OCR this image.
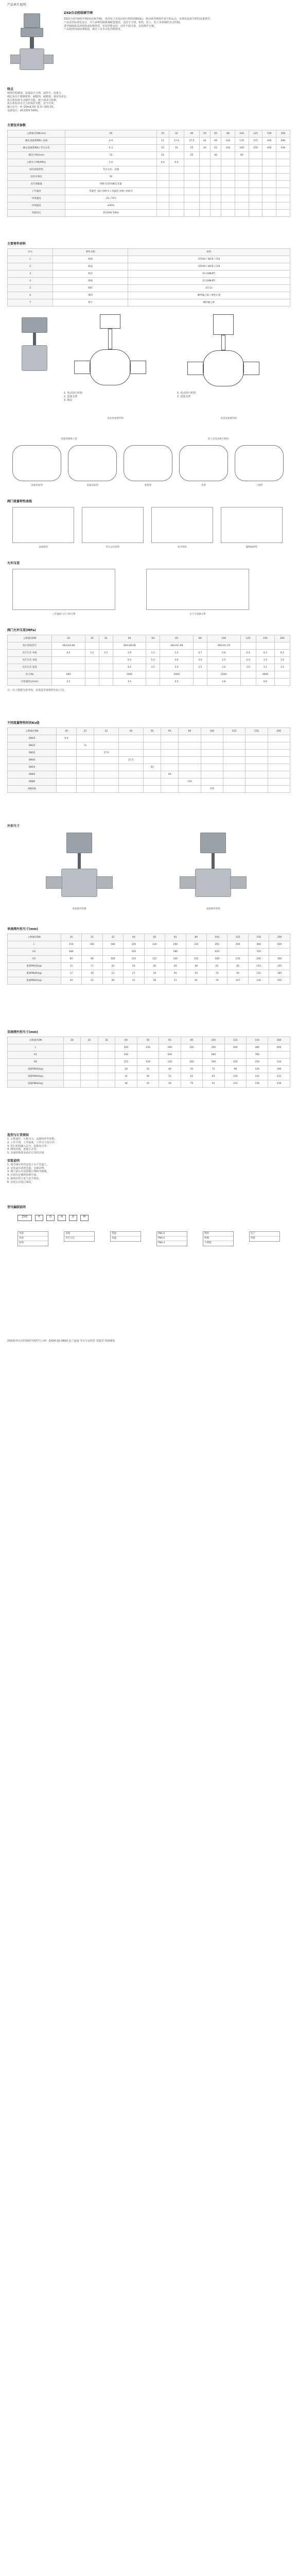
产品单片说明:
ZXD自动控制调节阀
ZXD自动控制调节阀(电动调节阀)，采用电子式电动执行机构(3810L)，驱动调节阀体作直行程运动，实现对流体介质的流量调节。
产品采用标准化设计，可与多种控制系统配套使用，适用于空调、供热、化工、轻工等领域的自动控制。
调节阀阀体采用铸铁或铸钢材质，密封性能良好，动作平稳可靠，安装维护方便。
产品按照国家标准制造，满足工业自动化控制要求。
特点
阀体结构紧凑、流道设计合理，流阻小，流量大。
阀芯采用不锈钢材料，耐腐蚀、耐磨损，使用寿命长。
执行机构带手动操作功能，便于调试与检修。
执行机构具有过力矩保护功能，安全可靠。
输入信号：4~20mA DC 或 0~10V DC。
电源电压：AC220V 50Hz。
主要技术参数
公称通径DN(mm)	20	25	32	40	50	65	80	100	125	150	200
额定流量系数Kv 直线	6.9	11	17.6	27.5	44	69	110	176	275	440	690
额定流量系数Kv 等百分比	6.3	10	16	25	40	63	100	160	250	400	630
额定行程(mm)	10	16		25		40		60			
公称压力PN(MPa)	1.6	4.0	6.4								
固有流量特性	等百分比、直线										
固有可调比	50										
允许泄漏量	Ⅳ级 0.01%额定容量										
工作温度	常温型 -20~200℃ / 高温型 200~450℃										
环境温度	-25~70℃										
环境湿度	≤95%										
电源电压	AC220V 50Hz										
主要零件材料
序号	零件名称	材料
1	阀体	HT200 / WCB / CF8
2	阀盖	HT200 / WCB / CF8
3	阀芯	1Cr18Ni9Ti
4	阀座	1Cr18Ni9Ti
5	阀杆	2Cr13
6	填料	聚四氟乙烯 / 柔性石墨
7	垫片	聚四氟乙烯
1. 电动执行机构
2. 连接支架
3. 阀盖
1. 电动执行机构
2. 连接支架
电动单座调节阀	电动双座调节阀
普通型阀体示意	电子式电动执行机构
直通单座型	直通双座型	套筒型	角型	三通型
阀门流量特性曲线
直线特性	等百分比特性	快开特性	抛物线特性
允许压差
工作温度与压力的关系	压力与流量关系
阀门允许压差(MPa)
公称通径DN	20	25	32	40	50	65	80	100	125	150	200
执行机构型号	381LSA-08			381LSB-08		381LSC-08		381LSC-25			
允许压差 单座	6.4	5.2	3.5	2.0	1.5	1.0	0.7	0.6	0.4	0.3	0.2
允许压差 双座				6.4	5.0	4.0	3.0	2.5	2.0	1.5	1.0
允许压差 套筒				4.0	3.5	3.0	2.5	2.0	1.6	1.2	1.0
出力(N)	600			1000		2000		2500		4000	
行程速度(s/mm)	2.5			3.5		4.2		4.8		6.0	
注：以上数据为参考值，具体选型请参照实际工况。
不同流量特性时的Kv值
公称通径DN	20	25	32	40	50	65	80	100	125	150	200
DN20	6.9										
DN25		11									
DN32			17.6								
DN40				27.5							
DN50					44						
DN65						69					
DN80							110				
DN100								176			
外形尺寸
单座阀外形图	双座阀外形图
单座阀外形尺寸(mm)
公称通径DN	20	25	32	40	50	65	80	100	125	150	200
L	150	160	180	200	230	290	310	350	400	480	600
H1	480			520		580		650		720	
H2	85	90	100	110	125	140	155	180	210	240	300
重量PN16(kg)	15	17	20	24	30	40	48	62	85	110	165
重量PN40(kg)	17	19	23	27	34	45	54	70	95	125	185
重量PN64(kg)	20	22	26	31	39	51	61	79	107	140	205
双座阀外形尺寸(mm)
公称通径DN	20	25	32	40	50	65	80	100	125	150	200
L				200	230	290	310	350	400	480	600
H1				540		600		680		760	
H2				115	130	145	160	190	220	250	310
重量PN16(kg)				28	35	46	55	72	98	126	190
重量PN40(kg)				32	40	52	62	81	110	142	212
重量PN64(kg)				36	45	58	70	91	123	158	236
选型与订货须知
1. 公称通径、公称压力、流量特性等参数；
2. 工作介质、工作温度、工作压力及压差；
3. 执行机构输入信号、电源电压等；
4. 阀体材质、连接方式等；
5. 其他特殊要求请在订货时注明。
安装说明
1. 调节阀应垂直安装于水平管道上。
2. 安装前应清洗管道，去除杂物。
3. 阀门前后应设置截止阀和旁路阀。
4. 应留有足够的检修空间。
5. 接线应符合电气安全规范。
6. 安装后应进行调试。
型号编制说明
ZXD	P	D	N	Q	M
单座
双座
套筒
直线
等百分比
常温
高温
PN1.6
PN4.0
PN6.4
铸铁
铸钢
不锈钢
法兰
焊接
ZXD系列自动控制调节阀型号示例：ZXDP-16 DN50 法兰连接 等百分比特性 常温型 铸钢阀体
